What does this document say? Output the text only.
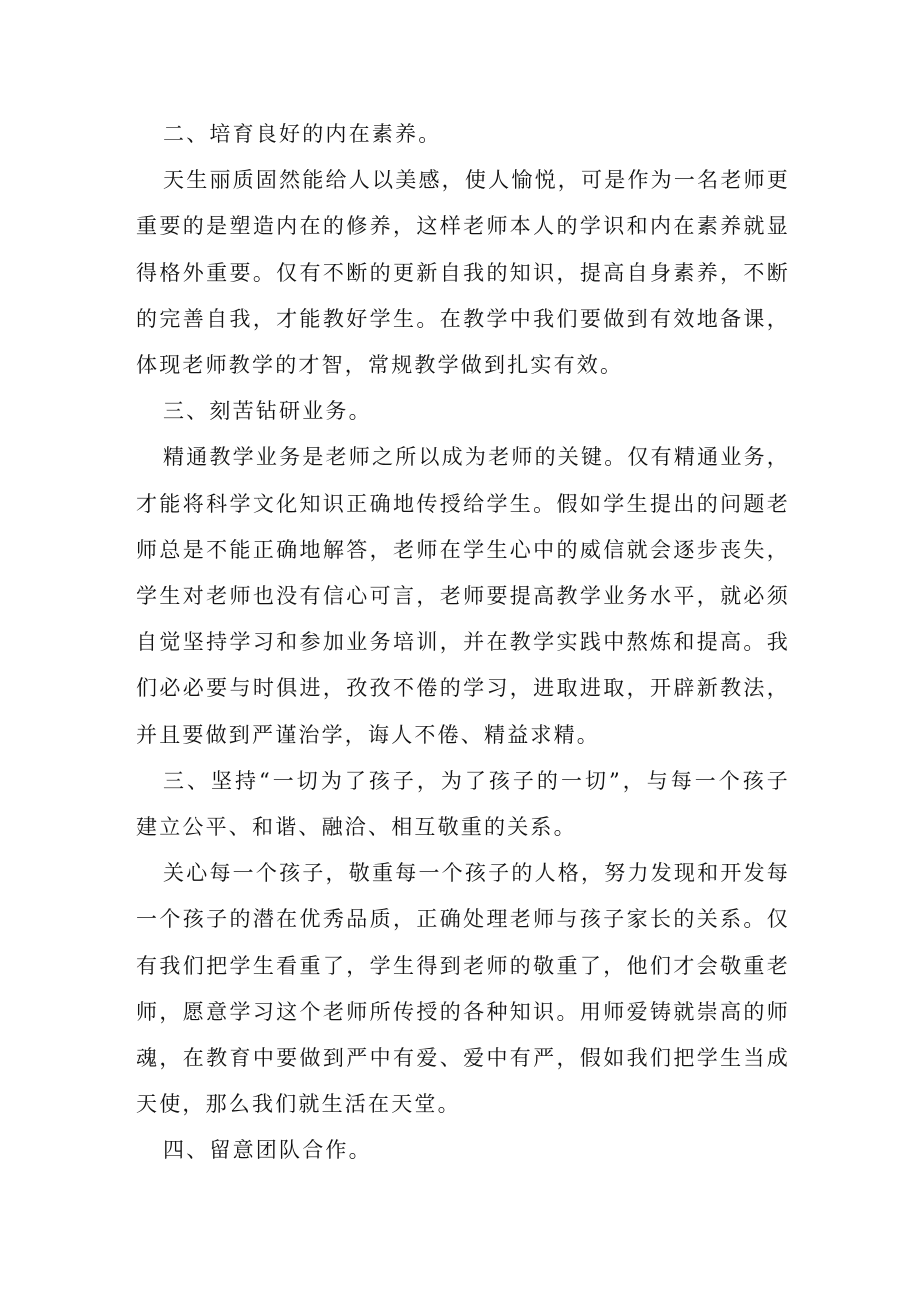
二、培育良好的内在素养。

天生丽质固然能给人以美感，使人愉悦，可是作为一名老师更重要的是塑造内在的修养，这样老师本人的学识和内在素养就显得格外重要。仅有不断的更新自我的知识，提高自身素养，不断的完善自我，才能教好学生。在教学中我们要做到有效地备课，体现老师教学的才智，常规教学做到扎实有效。

三、刻苦钻研业务。

精通教学业务是老师之所以成为老师的关键。仅有精通业务，才能将科学文化知识正确地传授给学生。假如学生提出的问题老师总是不能正确地解答，老师在学生心中的威信就会逐步丧失，学生对老师也没有信心可言，老师要提高教学业务水平，就必须自觉坚持学习和参加业务培训，并在教学实践中熬炼和提高。我们必必要与时俱进，孜孜不倦的学习，进取进取，开辟新教法，并且要做到严谨治学，诲人不倦、精益求精。

三、坚持“一切为了孩子，为了孩子的一切”，与每一个孩子建立公平、和谐、融洽、相互敬重的关系。

关心每一个孩子，敬重每一个孩子的人格，努力发现和开发每一个孩子的潜在优秀品质，正确处理老师与孩子家长的关系。仅有我们把学生看重了，学生得到老师的敬重了，他们才会敬重老师，愿意学习这个老师所传授的各种知识。用师爱铸就崇高的师魂，在教育中要做到严中有爱、爱中有严，假如我们把学生当成天使，那么我们就生活在天堂。

四、留意团队合作。
